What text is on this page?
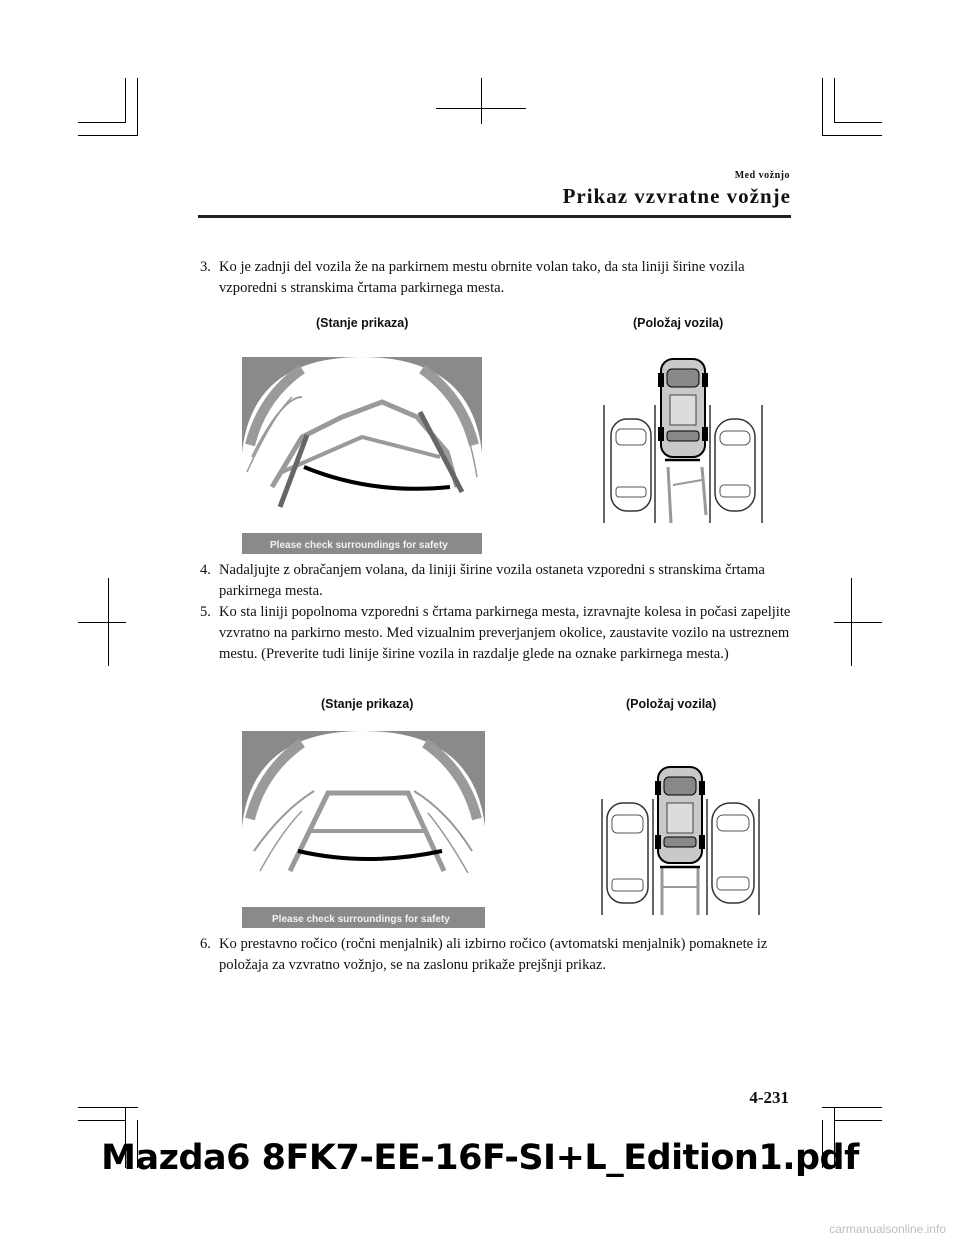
Med vožnjo
Prikaz vzvratne vožnje
3. Ko je zadnji del vozila že na parkirnem mestu obrnite volan tako, da sta liniji širine vozila vzporedni s stranskima črtama parkirnega mesta.
(Stanje prikaza)	(Položaj vozila)
Please check surroundings for safety
4. Nadaljujte z obračanjem volana, da liniji širine vozila ostaneta vzporedni s stranskima črtama parkirnega mesta.
5. Ko sta liniji popolnoma vzporedni s črtama parkirnega mesta, izravnajte kolesa in počasi zapeljite vzvratno na parkirno mesto. Med vizualnim preverjanjem okolice, zaustavite vozilo na ustreznem mestu. (Preverite tudi linije širine vozila in razdalje glede na oznake parkirnega mesta.)
(Stanje prikaza)	(Položaj vozila)
Please check surroundings for safety
6. Ko prestavno ročico (ročni menjalnik) ali izbirno ročico (avtomatski menjalnik) pomaknete iz položaja za vzvratno vožnjo, se na zaslonu prikaže prejšnji prikaz.
4-231
Mazda6 8FK7-EE-16F-SI+L_Edition1.pdf
carmanualsonline.info
